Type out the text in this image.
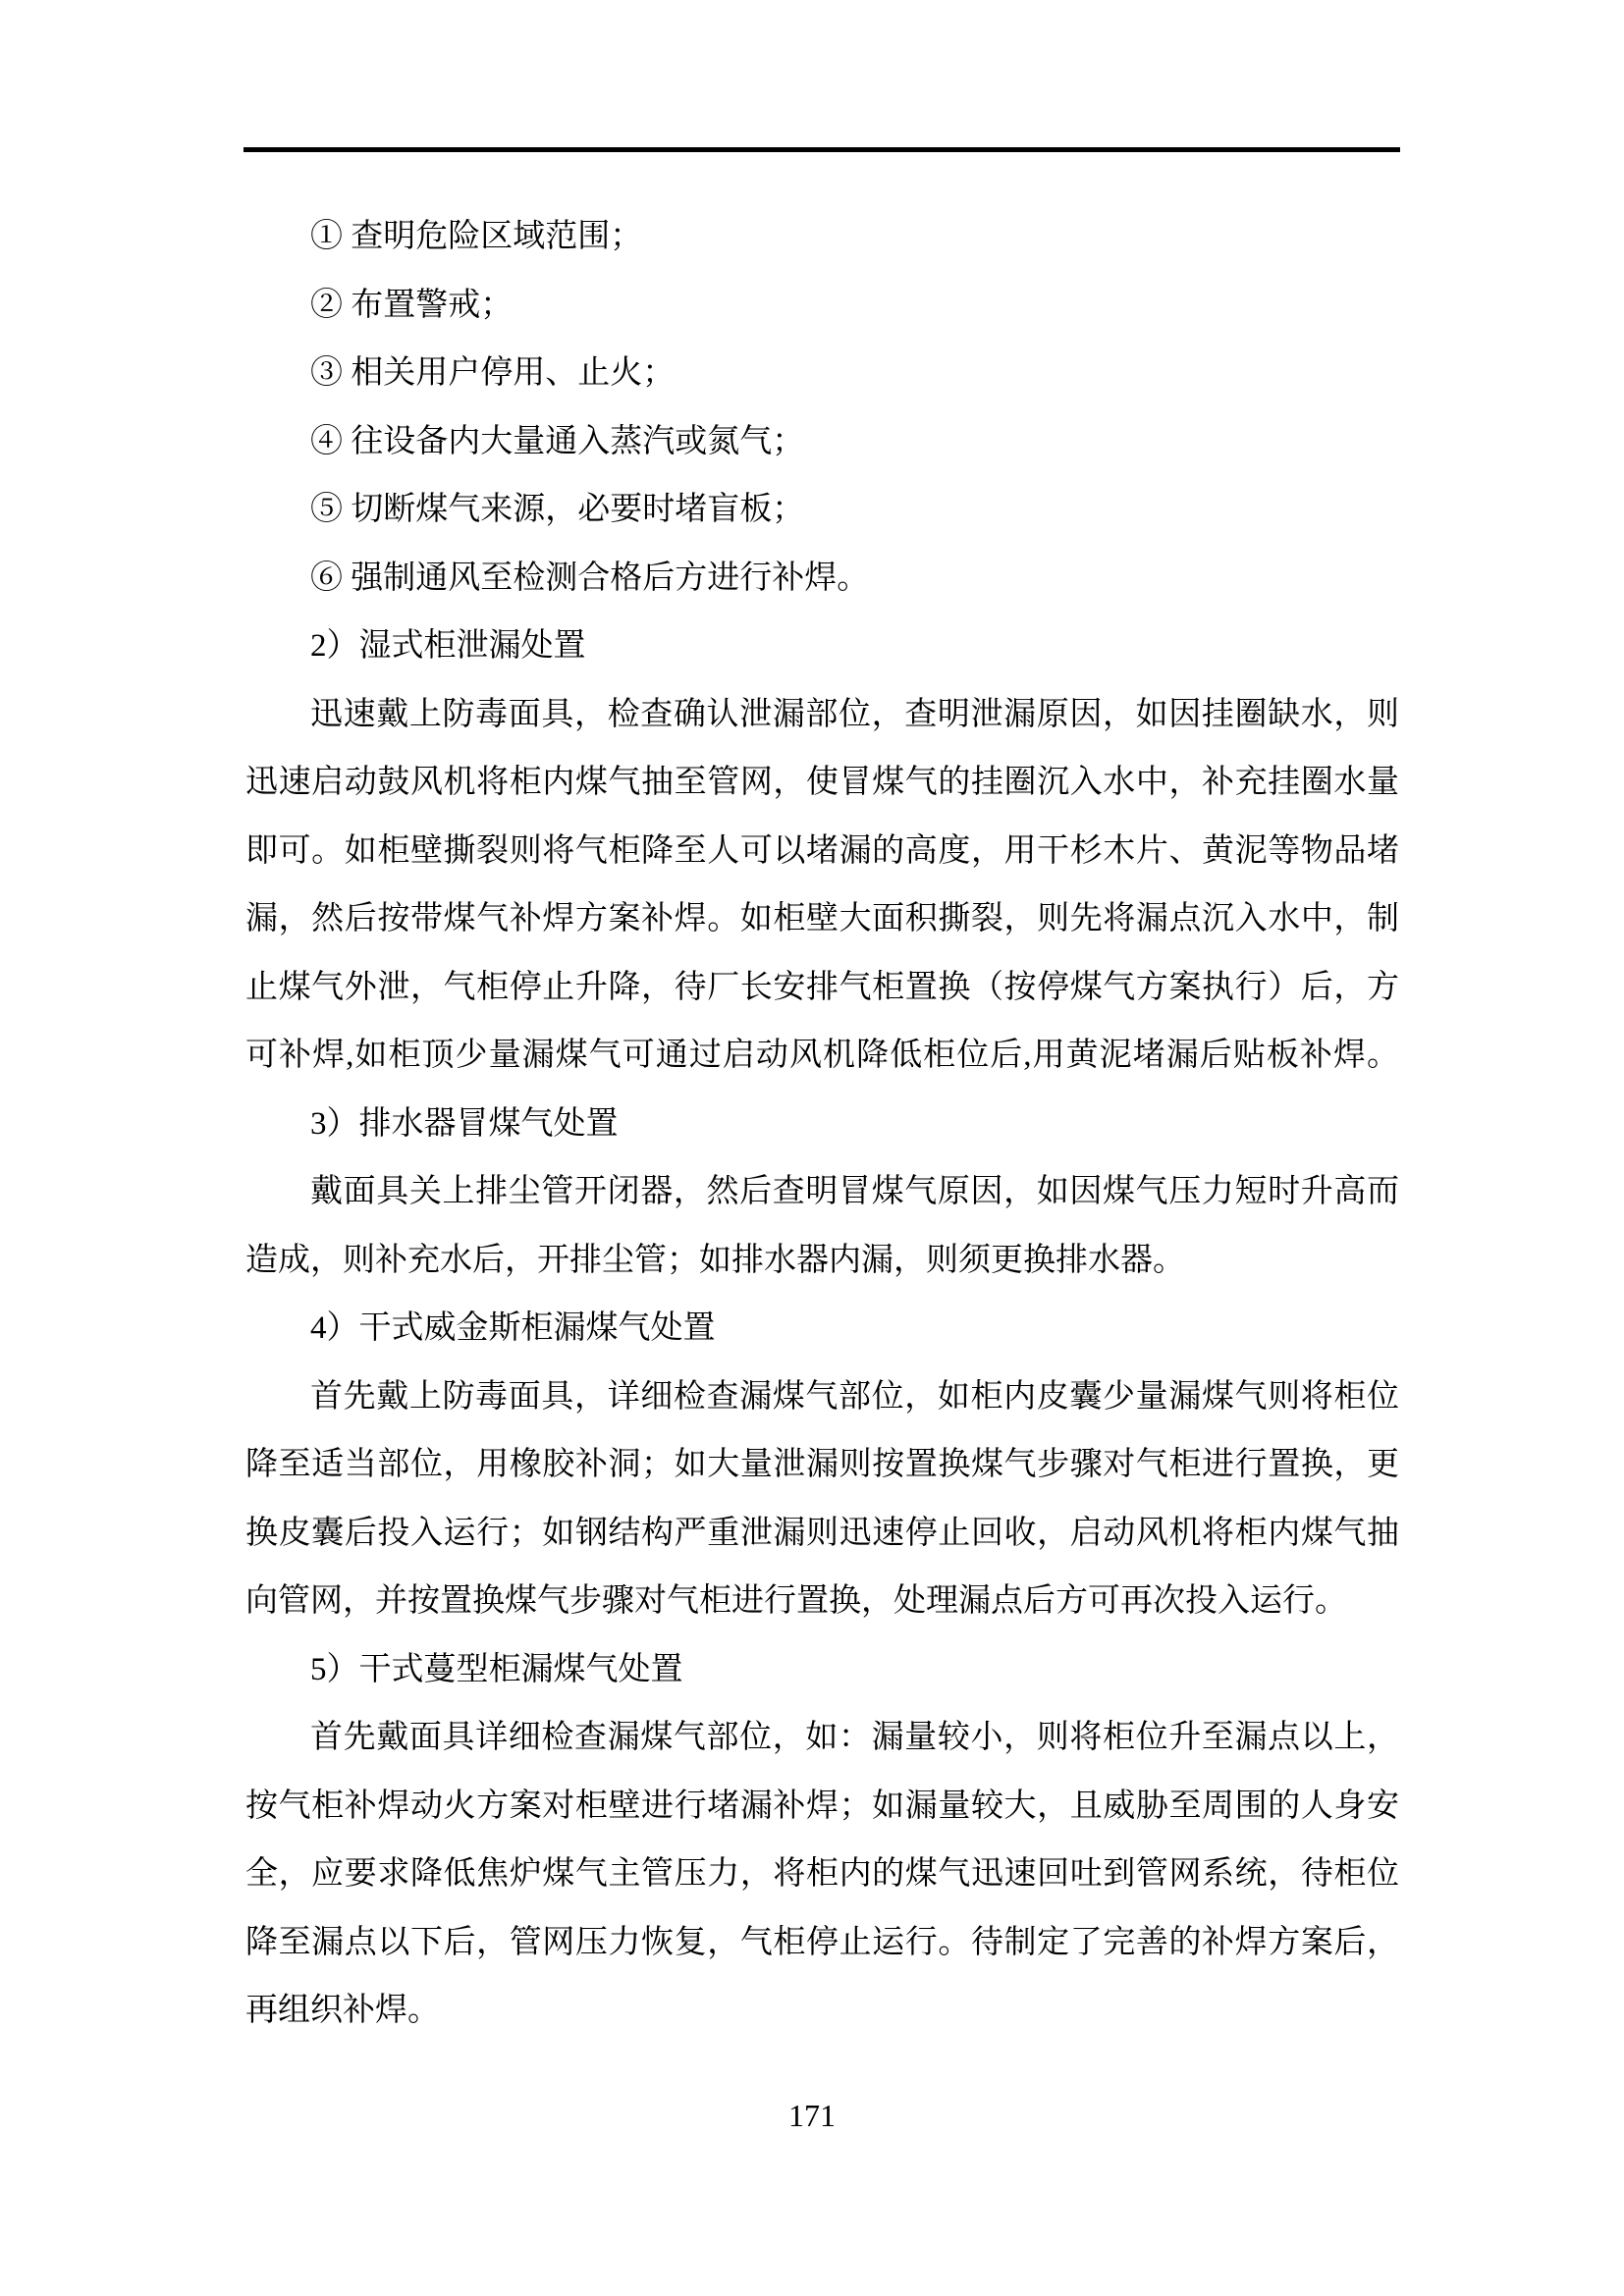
① 查明危险区域范围；
② 布置警戒；
③ 相关用户停用、止火；
④ 往设备内大量通入蒸汽或氮气；
⑤ 切断煤气来源，必要时堵盲板；
⑥ 强制通风至检测合格后方进行补焊。
2）湿式柜泄漏处置
迅速戴上防毒面具，检查确认泄漏部位，查明泄漏原因，如因挂圈缺水，则
迅速启动鼓风机将柜内煤气抽至管网，使冒煤气的挂圈沉入水中，补充挂圈水量
即可。如柜壁撕裂则将气柜降至人可以堵漏的高度，用干杉木片、黄泥等物品堵
漏，然后按带煤气补焊方案补焊。如柜壁大面积撕裂，则先将漏点沉入水中，制
止煤气外泄，气柜停止升降，待厂长安排气柜置换（按停煤气方案执行）后，方
可补焊,如柜顶少量漏煤气可通过启动风机降低柜位后,用黄泥堵漏后贴板补焊。
3）排水器冒煤气处置
戴面具关上排尘管开闭器，然后查明冒煤气原因，如因煤气压力短时升高而
造成，则补充水后，开排尘管；如排水器内漏，则须更换排水器。
4）干式威金斯柜漏煤气处置
首先戴上防毒面具，详细检查漏煤气部位，如柜内皮囊少量漏煤气则将柜位
降至适当部位，用橡胶补洞；如大量泄漏则按置换煤气步骤对气柜进行置换，更
换皮囊后投入运行；如钢结构严重泄漏则迅速停止回收，启动风机将柜内煤气抽
向管网，并按置换煤气步骤对气柜进行置换，处理漏点后方可再次投入运行。
5）干式蔓型柜漏煤气处置
首先戴面具详细检查漏煤气部位，如：漏量较小，则将柜位升至漏点以上，
按气柜补焊动火方案对柜壁进行堵漏补焊；如漏量较大，且威胁至周围的人身安
全，应要求降低焦炉煤气主管压力，将柜内的煤气迅速回吐到管网系统，待柜位
降至漏点以下后，管网压力恢复，气柜停止运行。待制定了完善的补焊方案后，
再组织补焊。
171
